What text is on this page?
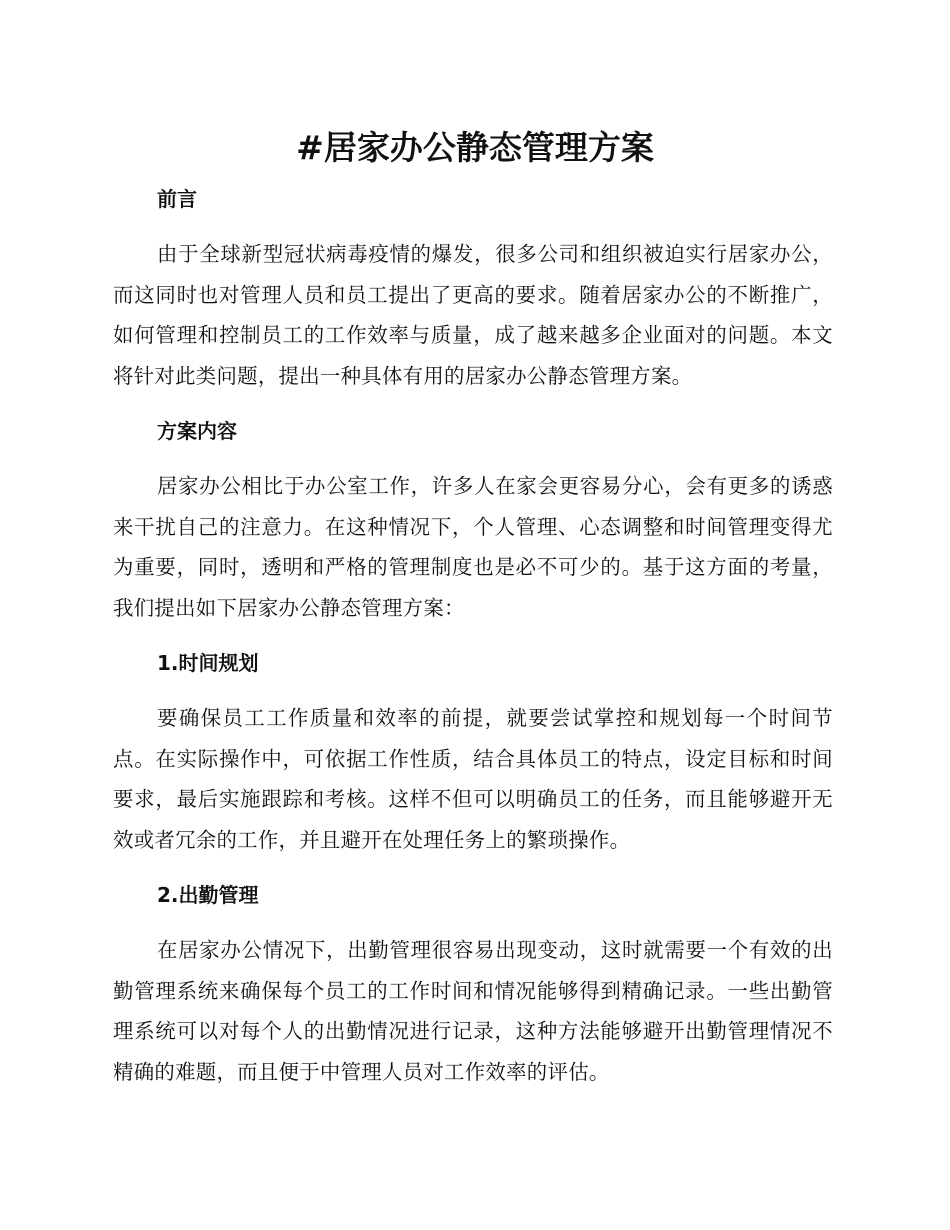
#居家办公静态管理方案
前言

由于全球新型冠状病毒疫情的爆发，很多公司和组织被迫实行居家办公，而这同时也对管理人员和员工提出了更高的要求。随着居家办公的不断推广，如何管理和控制员工的工作效率与质量，成了越来越多企业面对的问题。本文将针对此类问题，提出一种具体有用的居家办公静态管理方案。

方案内容

居家办公相比于办公室工作，许多人在家会更容易分心，会有更多的诱惑来干扰自己的注意力。在这种情况下，个人管理、心态调整和时间管理变得尤为重要，同时，透明和严格的管理制度也是必不可少的。基于这方面的考量，我们提出如下居家办公静态管理方案：

1.时间规划

要确保员工工作质量和效率的前提，就要尝试掌控和规划每一个时间节点。在实际操作中，可依据工作性质，结合具体员工的特点，设定目标和时间要求，最后实施跟踪和考核。这样不但可以明确员工的任务，而且能够避开无效或者冗余的工作，并且避开在处理任务上的繁琐操作。

2.出勤管理

在居家办公情况下，出勤管理很容易出现变动，这时就需要一个有效的出勤管理系统来确保每个员工的工作时间和情况能够得到精确记录。一些出勤管理系统可以对每个人的出勤情况进行记录，这种方法能够避开出勤管理情况不精确的难题，而且便于中管理人员对工作效率的评估。
